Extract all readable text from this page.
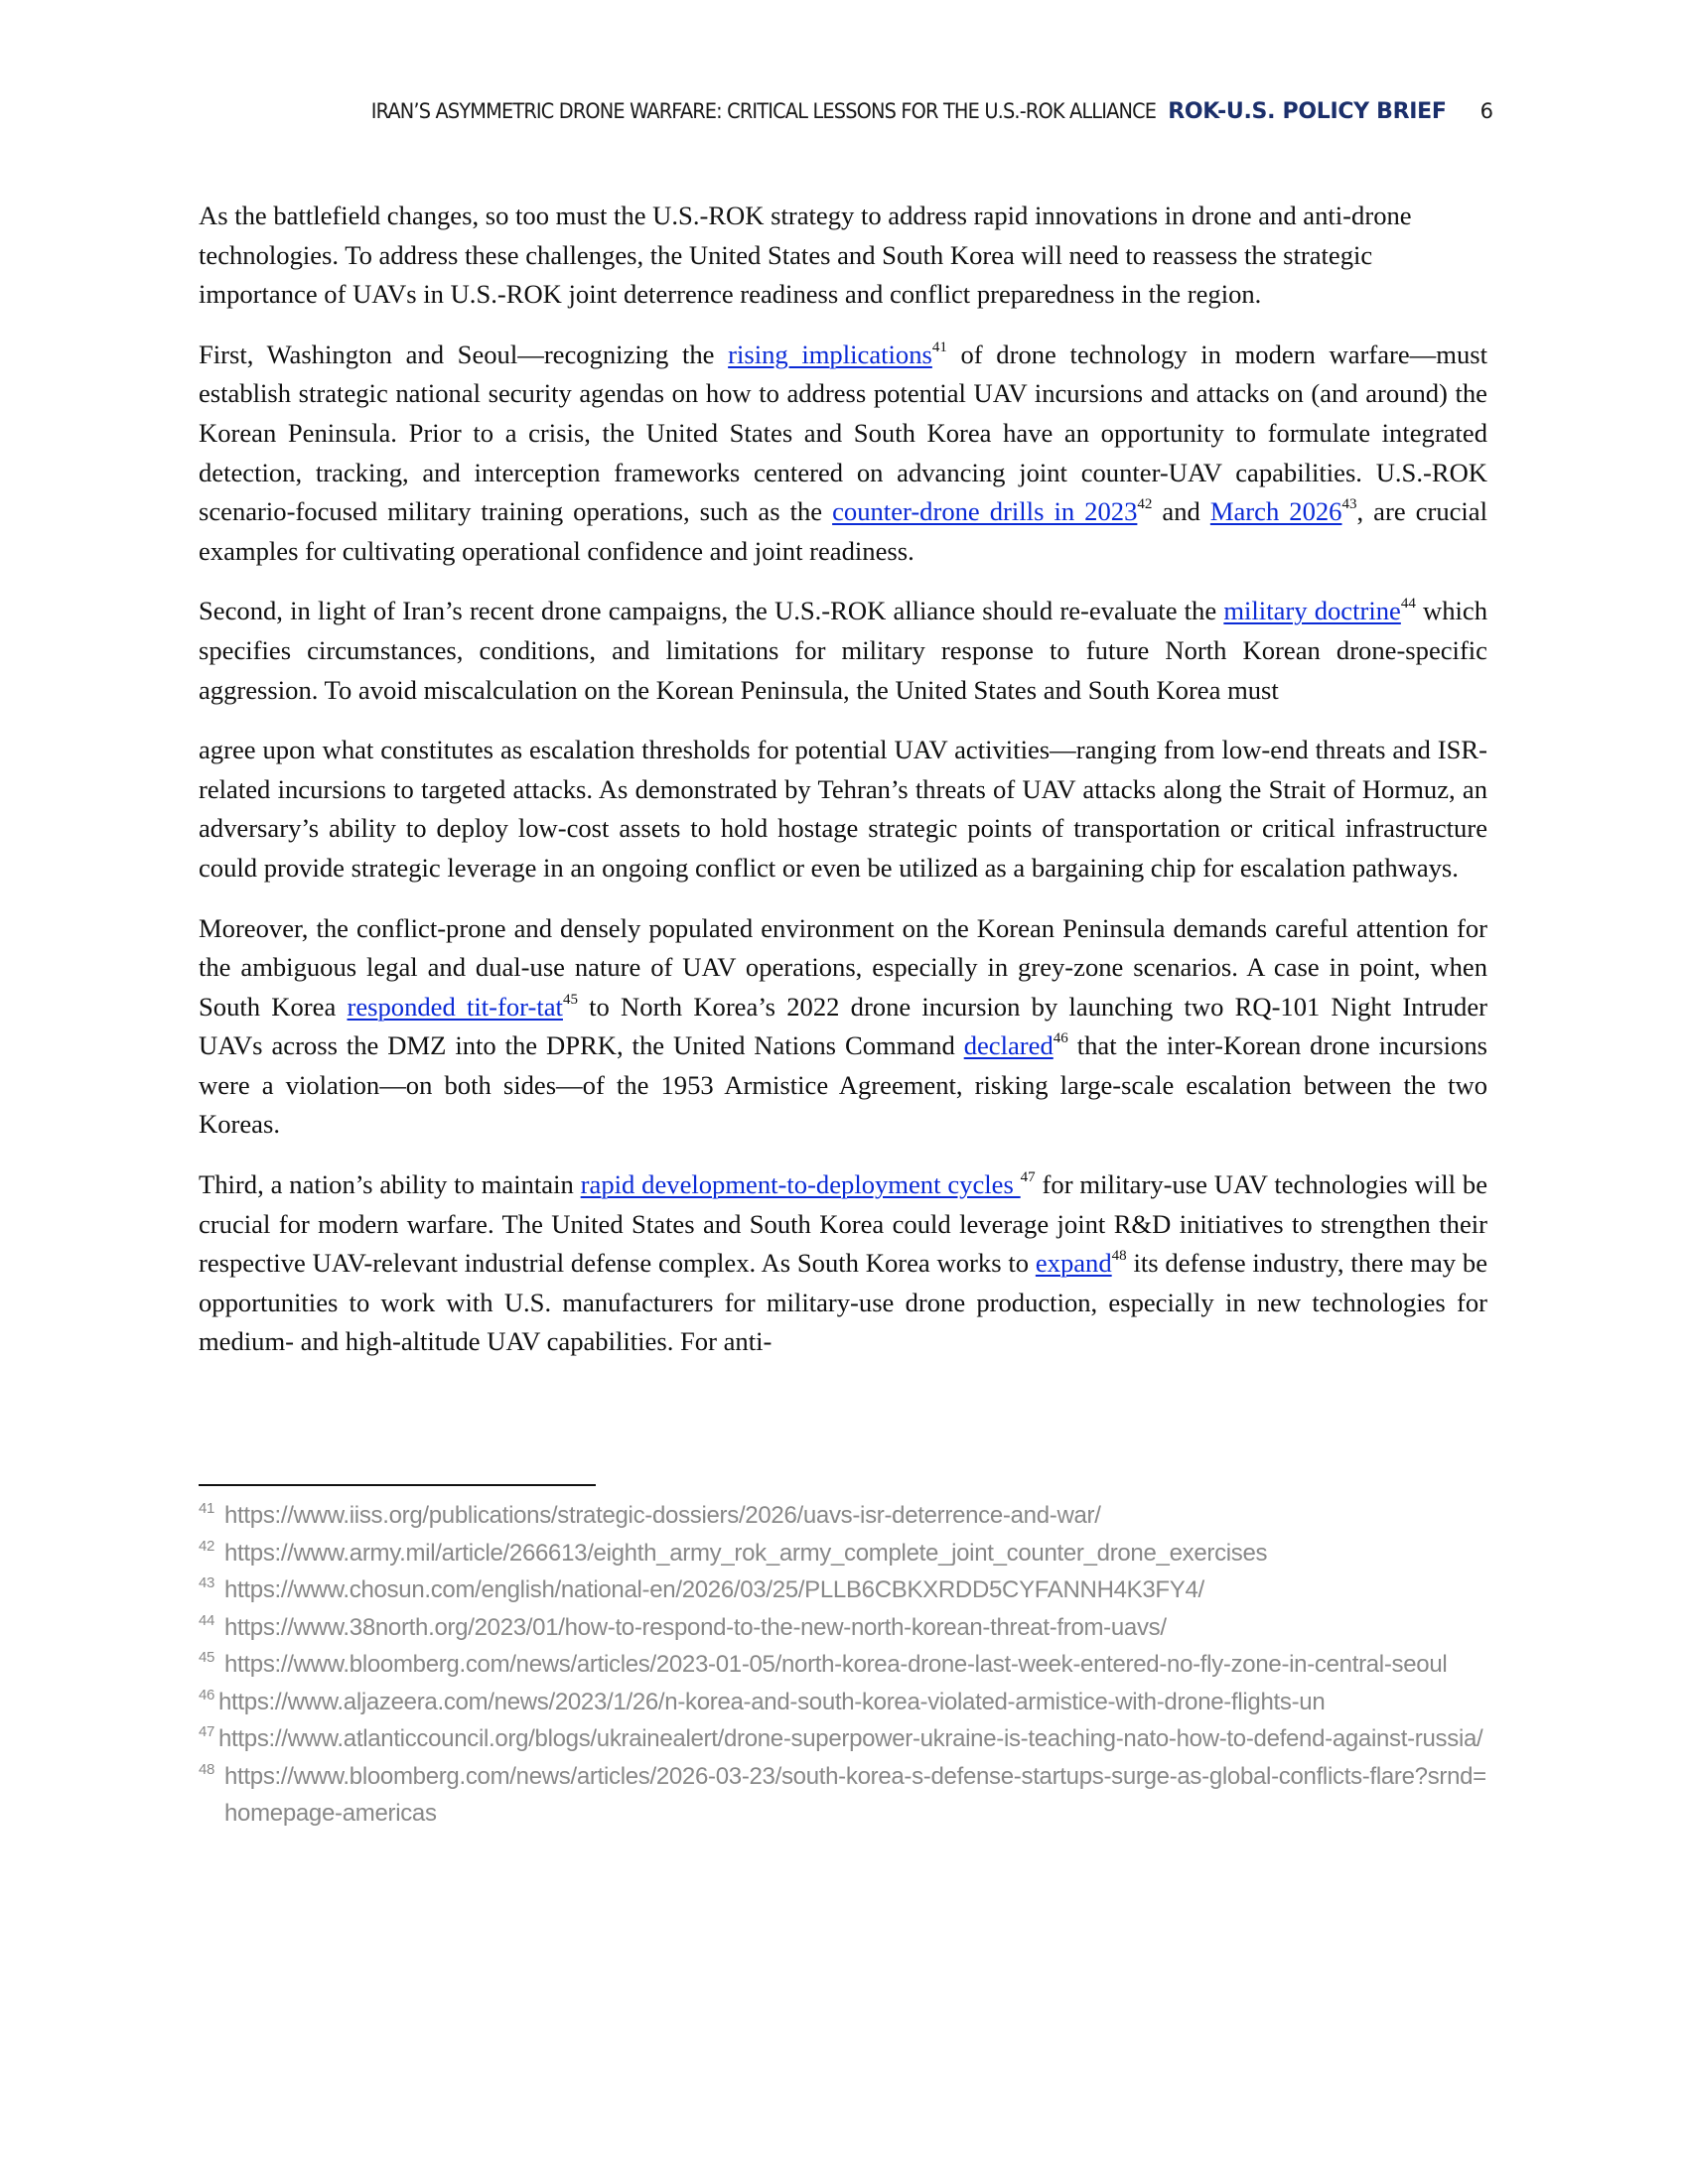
IRAN’S ASYMMETRIC DRONE WARFARE: CRITICAL LESSONS FOR THE U.S.-ROK ALLIANCE ROK-U.S. POLICY BRIEF 6

As the battlefield changes, so too must the U.S.-ROK strategy to address rapid innovations in drone and anti-drone technologies. To address these challenges, the United States and South Korea will need to reassess the strategic importance of UAVs in U.S.-ROK joint deterrence readiness and conflict preparedness in the region.

First, Washington and Seoul—recognizing the rising implications$^{41}$ of drone technology in modern warfare—must establish strategic national security agendas on how to address potential UAV incursions and attacks on (and around) the Korean Peninsula. Prior to a crisis, the United States and South Korea have an opportunity to formulate integrated detection, tracking, and interception frameworks centered on advancing joint counter-UAV capabilities. U.S.-ROK scenario-focused military training operations, such as the counter-drone drills in 2023$^{42}$ and March 2026$^{43}$, are crucial examples for cultivating operational confidence and joint readiness.

Second, in light of Iran’s recent drone campaigns, the U.S.-ROK alliance should re-evaluate the military doctrine$^{44}$ which specifies circumstances, conditions, and limitations for military response to future North Korean drone-specific aggression. To avoid miscalculation on the Korean Peninsula, the United States and South Korea must

agree upon what constitutes as escalation thresholds for potential UAV activities—ranging from low-end threats and ISR-related incursions to targeted attacks. As demonstrated by Tehran’s threats of UAV attacks along the Strait of Hormuz, an adversary’s ability to deploy low-cost assets to hold hostage strategic points of transportation or critical infrastructure could provide strategic leverage in an ongoing conflict or even be utilized as a bargaining chip for escalation pathways.

Moreover, the conflict-prone and densely populated environment on the Korean Peninsula demands careful attention for the ambiguous legal and dual-use nature of UAV operations, especially in grey-zone scenarios. A case in point, when South Korea responded tit-for-tat$^{45}$ to North Korea’s 2022 drone incursion by launching two RQ-101 Night Intruder UAVs across the DMZ into the DPRK, the United Nations Command declared$^{46}$ that the inter-Korean drone incursions were a violation—on both sides—of the 1953 Armistice Agreement, risking large-scale escalation between the two Koreas.

Third, a nation’s ability to maintain rapid development-to-deployment cycles $^{47}$ for military-use UAV technologies will be crucial for modern warfare. The United States and South Korea could leverage joint R&D initiatives to strengthen their respective UAV-relevant industrial defense complex. As South Korea works to expand$^{48}$ its defense industry, there may be opportunities to work with U.S. manufacturers for military-use drone production, especially in new technologies for medium- and high-altitude UAV capabilities. For anti-

41 https://www.iiss.org/publications/strategic-dossiers/2026/uavs-isr-deterrence-and-war/
42 https://www.army.mil/article/266613/eighth_army_rok_army_complete_joint_counter_drone_exercises
43 https://www.chosun.com/english/national-en/2026/03/25/PLLB6CBKXRDD5CYFANNH4K3FY4/
44 https://www.38north.org/2023/01/how-to-respond-to-the-new-north-korean-threat-from-uavs/
45 https://www.bloomberg.com/news/articles/2023-01-05/north-korea-drone-last-week-entered-no-fly-zone-in-central-seoul
46 https://www.aljazeera.com/news/2023/1/26/n-korea-and-south-korea-violated-armistice-with-drone-flights-un
47 https://www.atlanticcouncil.org/blogs/ukrainealert/drone-superpower-ukraine-is-teaching-nato-how-to-defend-against-russia/
48 https://www.bloomberg.com/news/articles/2026-03-23/south-korea-s-defense-startups-surge-as-global-conflicts-flare?srnd=homepage-americas
